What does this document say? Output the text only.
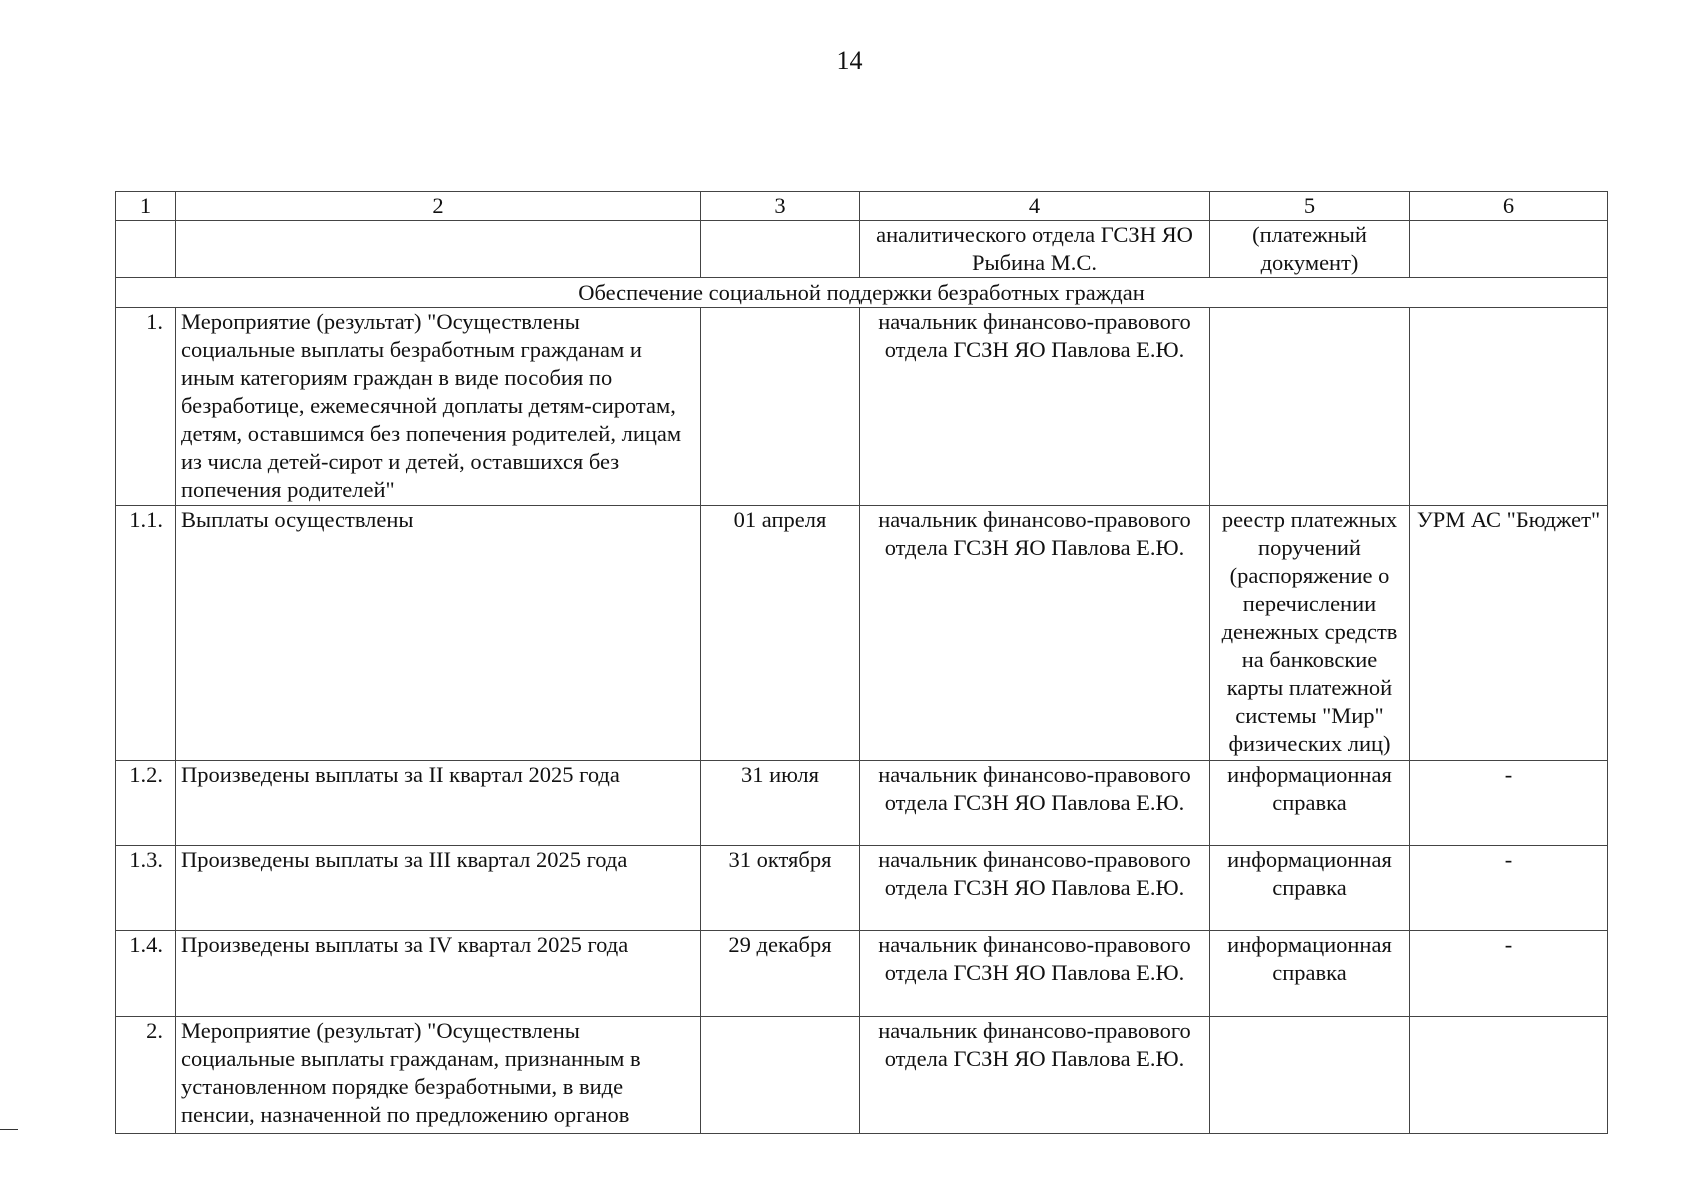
14
1	2	3	4	5	6
			аналитического отдела ГСЗН ЯО Рыбина М.С.	(платежный документ)	
Обеспечение социальной поддержки безработных граждан					
1.	Мероприятие (результат) "Осуществлены социальные выплаты безработным гражданам и иным категориям граждан в виде пособия по безработице, ежемесячной доплаты детям-сиротам, детям, оставшимся без попечения родителей, лицам из числа детей-сирот и детей, оставшихся без попечения родителей"		начальник финансово-правового отдела ГСЗН ЯО Павлова Е.Ю.		
1.1.	Выплаты осуществлены	01 апреля	начальник финансово-правового отдела ГСЗН ЯО Павлова Е.Ю.	реестр платежных поручений (распоряжение о перечислении денежных средств на банковские карты платежной системы "Мир" физических лиц)	УРМ АС "Бюджет"
1.2.	Произведены выплаты за II квартал 2025 года	31 июля	начальник финансово-правового отдела ГСЗН ЯО Павлова Е.Ю.	информационная справка	-
1.3.	Произведены выплаты за III квартал 2025 года	31 октября	начальник финансово-правового отдела ГСЗН ЯО Павлова Е.Ю.	информационная справка	-
1.4.	Произведены выплаты за IV квартал 2025 года	29 декабря	начальник финансово-правового отдела ГСЗН ЯО Павлова Е.Ю.	информационная справка	-
2.	Мероприятие (результат) "Осуществлены социальные выплаты гражданам, признанным в установленном порядке безработными, в виде пенсии, назначенной по предложению органов		начальник финансово-правового отдела ГСЗН ЯО Павлова Е.Ю.		
